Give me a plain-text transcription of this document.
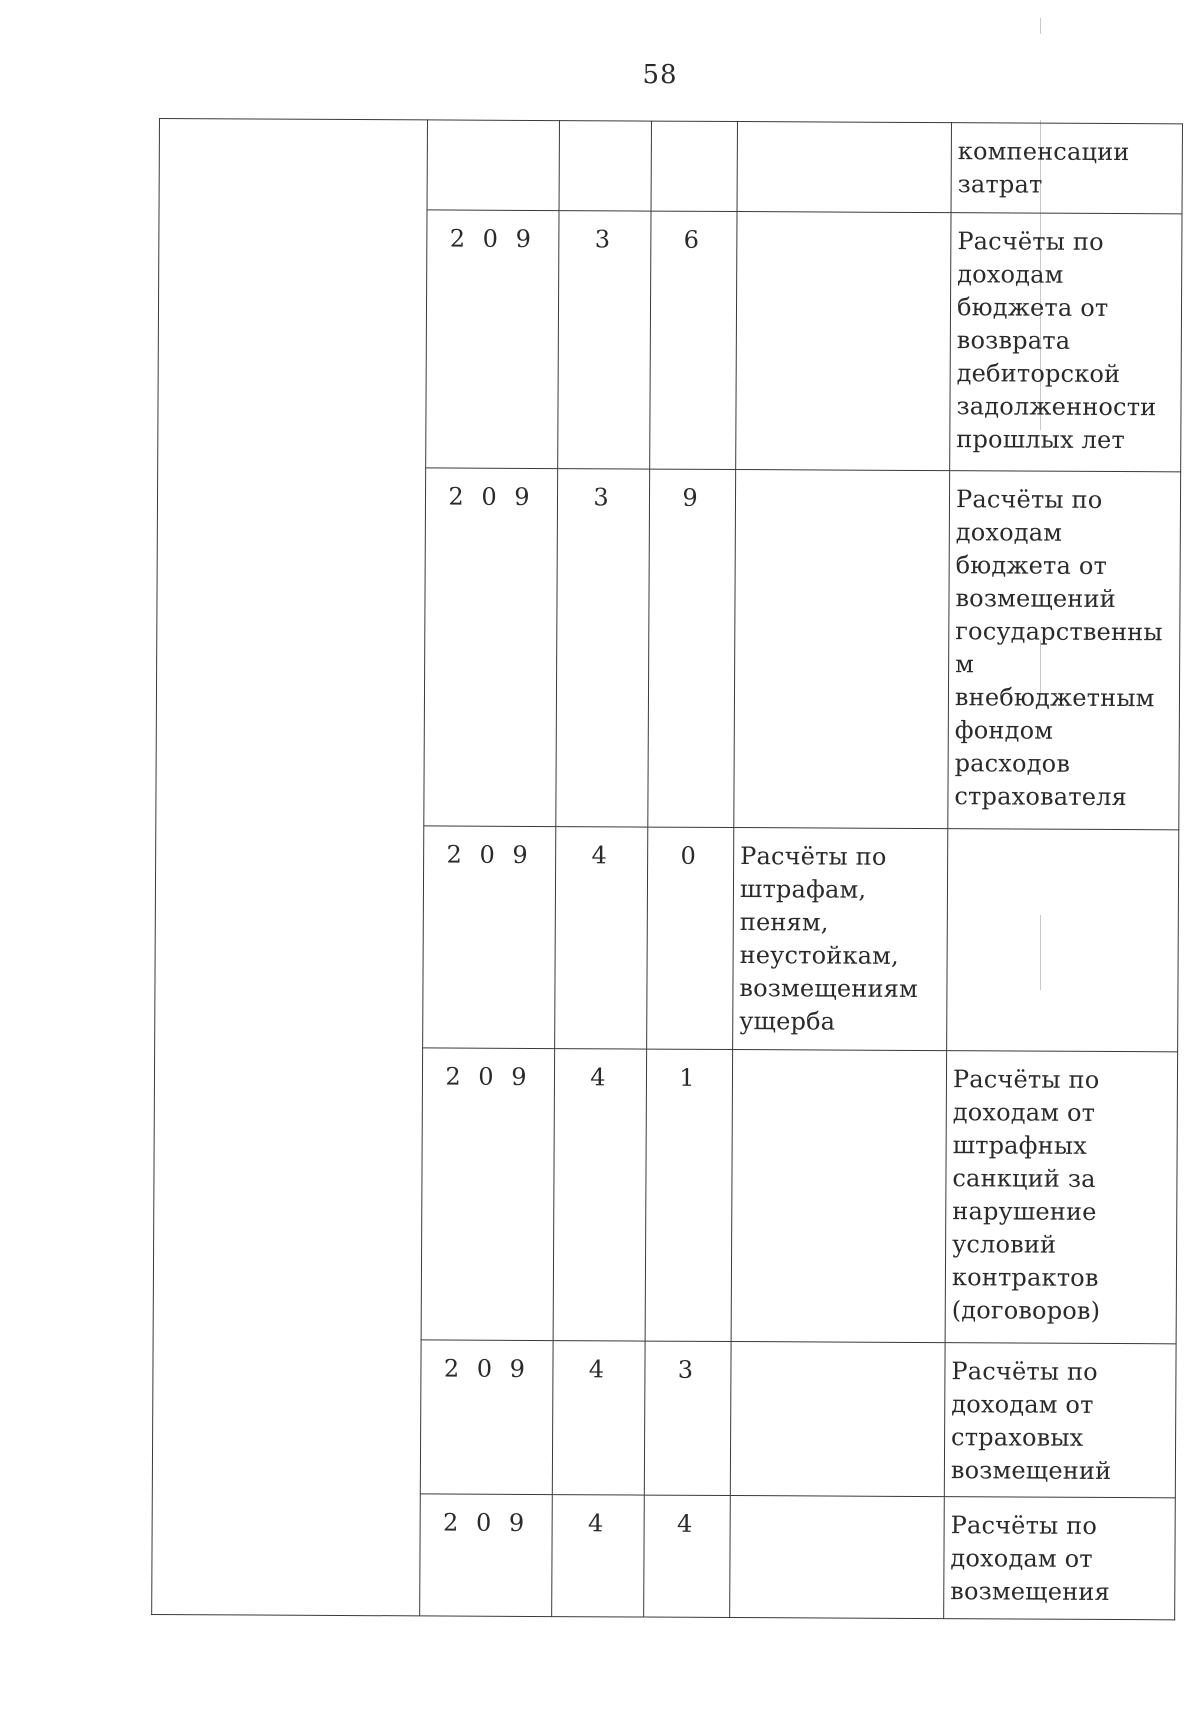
58
					компенсации затрат
	2 0 9	3	6		Расчёты по доходам бюджета от возврата дебиторской задолженности прошлых лет
	2 0 9	3	9		Расчёты по доходам бюджета от возмещений государственны м внебюджетным фондом расходов страхователя
	2 0 9	4	0	Расчёты по штрафам, пеням, неустойкам, возмещениям ущерба	
	2 0 9	4	1		Расчёты по доходам от штрафных санкций за нарушение условий контрактов (договоров)
	2 0 9	4	3		Расчёты по доходам от страховых возмещений
	2 0 9	4	4		Расчёты по доходам от возмещения
